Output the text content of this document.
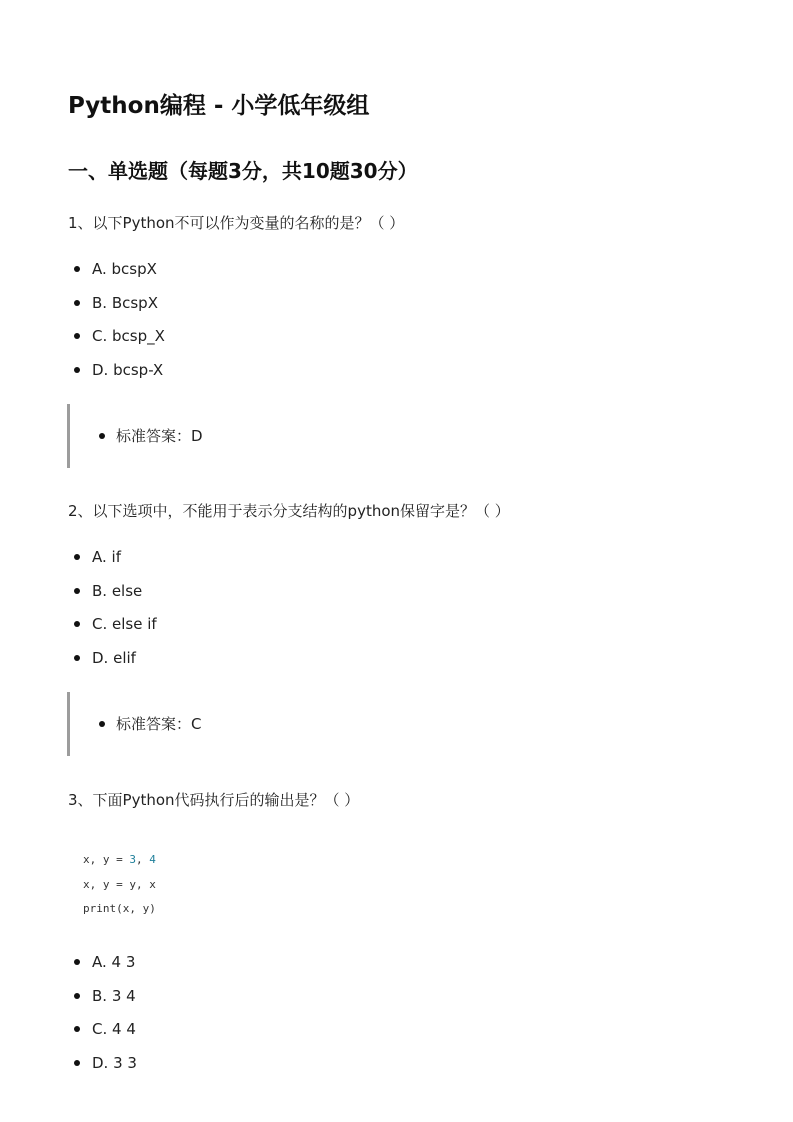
Python编程 - 小学低年级组
一、单选题（每题3分，共10题30分）

1、以下Python不可以作为变量的名称的是？（ ）

A. bcspX
B. BcspX
C. bcsp_X
D. bcsp-X
标准答案：D

2、以下选项中，不能用于表示分支结构的python保留字是？（ ）

A. if
B. else
C. else if
D. elif
标准答案：C

3、下面Python代码执行后的输出是？（ ）

x, y = 3, 4
x, y = y, x
print(x, y)
A. 4 3
B. 3 4
C. 4 4
D. 3 3
